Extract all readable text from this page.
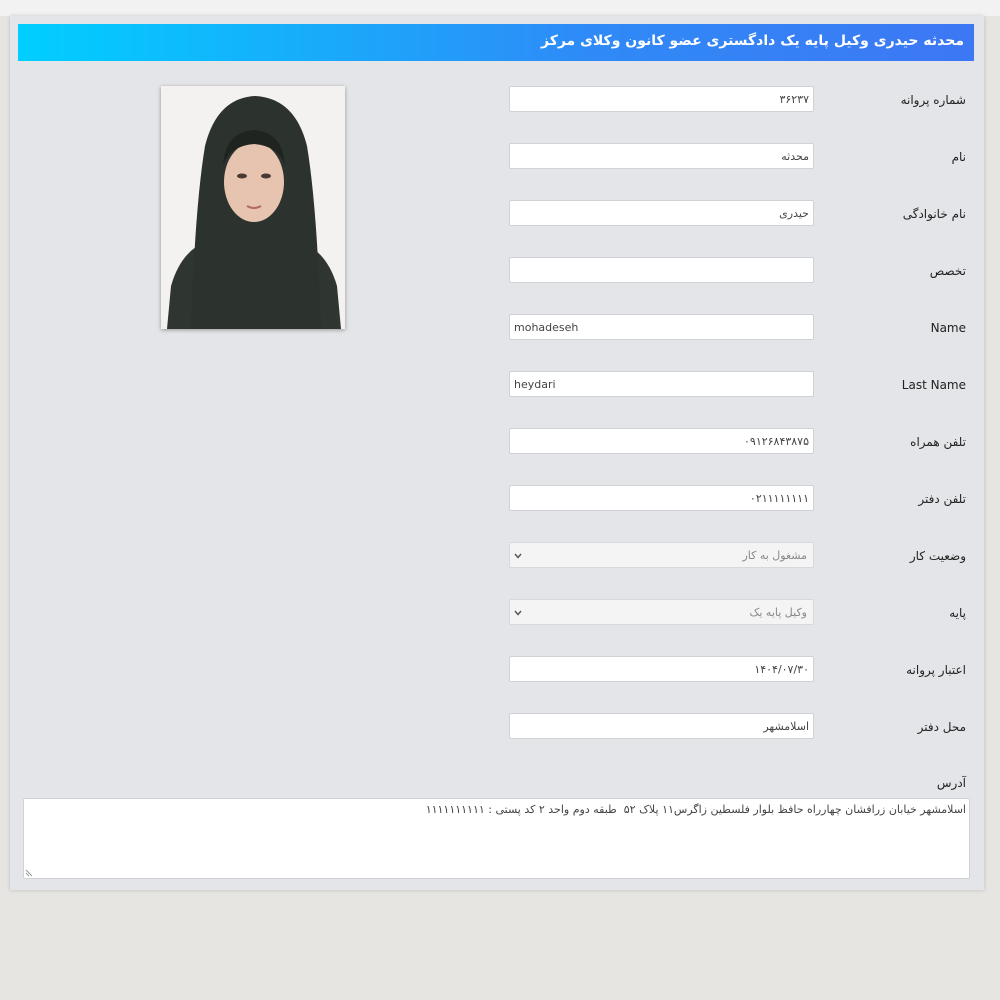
محدثه حیدری وکیل پایه یک دادگستری عضو کانون وکلای مرکز
شماره پروانه
۳۶۲۳۷
نام
محدثه
نام خانوادگی
حیدری
تخصص
Name
mohadeseh
Last Name
heydari
تلفن همراه
۰۹۱۲۶۸۴۳۸۷۵
تلفن دفتر
۰۲۱۱۱۱۱۱۱۱
وضعیت کار
مشغول به کار
پایه
وکیل پایه یک
اعتبار پروانه
۱۴۰۴/۰۷/۳۰
محل دفتر
اسلامشهر
آدرس
اسلامشهر خیابان زرافشان چهارراه حافظ بلوار فلسطین زاگرس۱۱ پلاک ۵۲ طبقه دوم واحد ۲ کد پستی : ۱۱۱۱۱۱۱۱۱۱
